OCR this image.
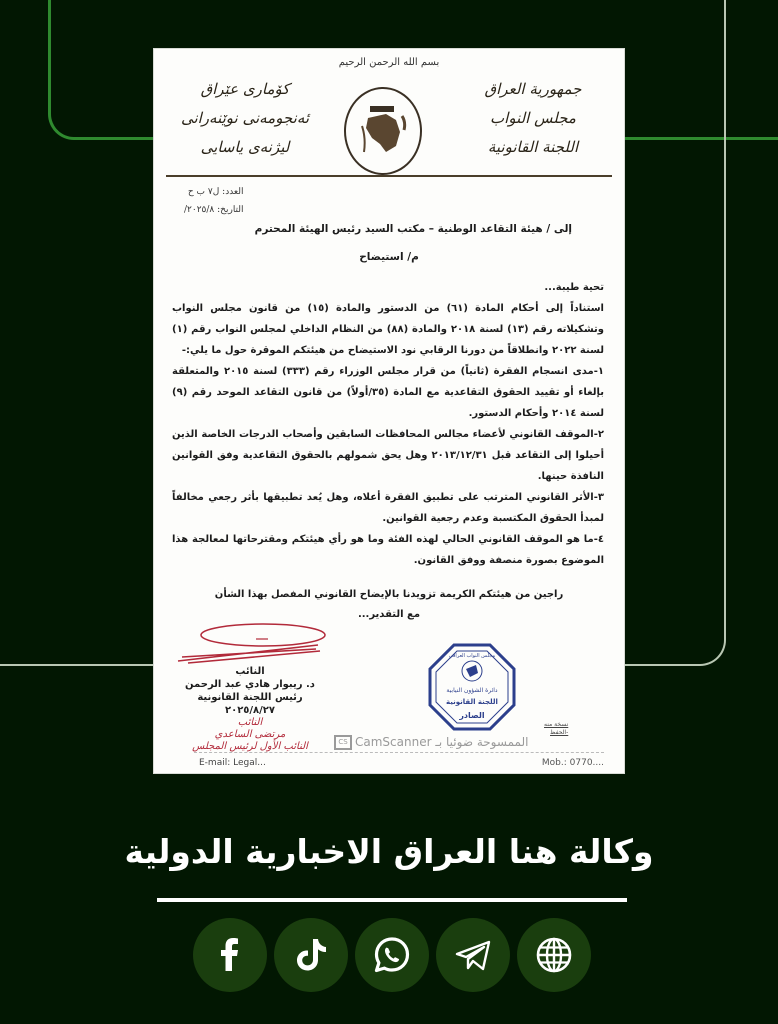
بسم الله الرحمن الرحيم
جمهورية العراق
مجلس النواب
اللجنة القانونية
كۆماری عێراق
ئەنجومەنی نوێنەرانی
لیژنەی یاسایی
العدد: ل٧ ب ح
التاريخ: ٢٠٢٥/٨/
إلى / هيئة التقاعد الوطنية – مكتب السيد رئيس الهيئة المحترم
م/ استيضاح

تحية طيبة...

استناداً إلى أحكام المادة (٦١) من الدستور والمادة (١٥) من قانون مجلس النواب وتشكيلاته رقم (١٣) لسنة ٢٠١٨ والمادة (٨٨) من النظام الداخلي لمجلس النواب رقم (١) لسنة ٢٠٢٢ وانطلاقاً من دورنا الرقابي نود الاستيضاح من هيئتكم الموقرة حول ما يلي:-

١-مدى انسجام الفقرة (ثانياً) من قرار مجلس الوزراء رقم (٣٣٣) لسنة ٢٠١٥ والمتعلقة بإلغاء أو تقييد الحقوق التقاعدية مع المادة (٣٥/أولاً) من قانون التقاعد الموحد رقم (٩) لسنة ٢٠١٤ وأحكام الدستور.

٢-الموقف القانوني لأعضاء مجالس المحافظات السابقين وأصحاب الدرجات الخاصة الذين أحيلوا إلى التقاعد قبل ٢٠١٣/١٢/٣١ وهل يحق شمولهم بالحقوق التقاعدية وفق القوانين النافذة حينها.

٣-الأثر القانوني المترتب على تطبيق الفقرة أعلاه، وهل يُعد تطبيقها بأثر رجعي مخالفاً لمبدأ الحقوق المكتسبة وعدم رجعية القوانين.

٤-ما هو الموقف القانوني الحالي لهذه الفئة وما هو رأي هيئتكم ومقترحاتها لمعالجة هذا الموضوع بصورة منصفة ووفق القانون.

راجين من هيئتكم الكريمة تزويدنا بالإيضاح القانوني المفصل بهذا الشأن
مع التقدير...
النائب
د. ريبوار هادي عبد الرحمن
رئيس اللجنة القانونية
٢٠٢٥/٨/٢٧
النائب
مرتضى الساعدي
النائب الأول لرئيس المجلس
مجلس النواب العراقي
دائرة الشؤون النيابية
اللجنة القانونية
الصادر
نسخة منه
-الحفظ
CS CamScanner الممسوحة ضوئيا بـ
E-mail: Legal...	Mob.: 0770....
وكالة هنا العراق الاخبارية الدولية
